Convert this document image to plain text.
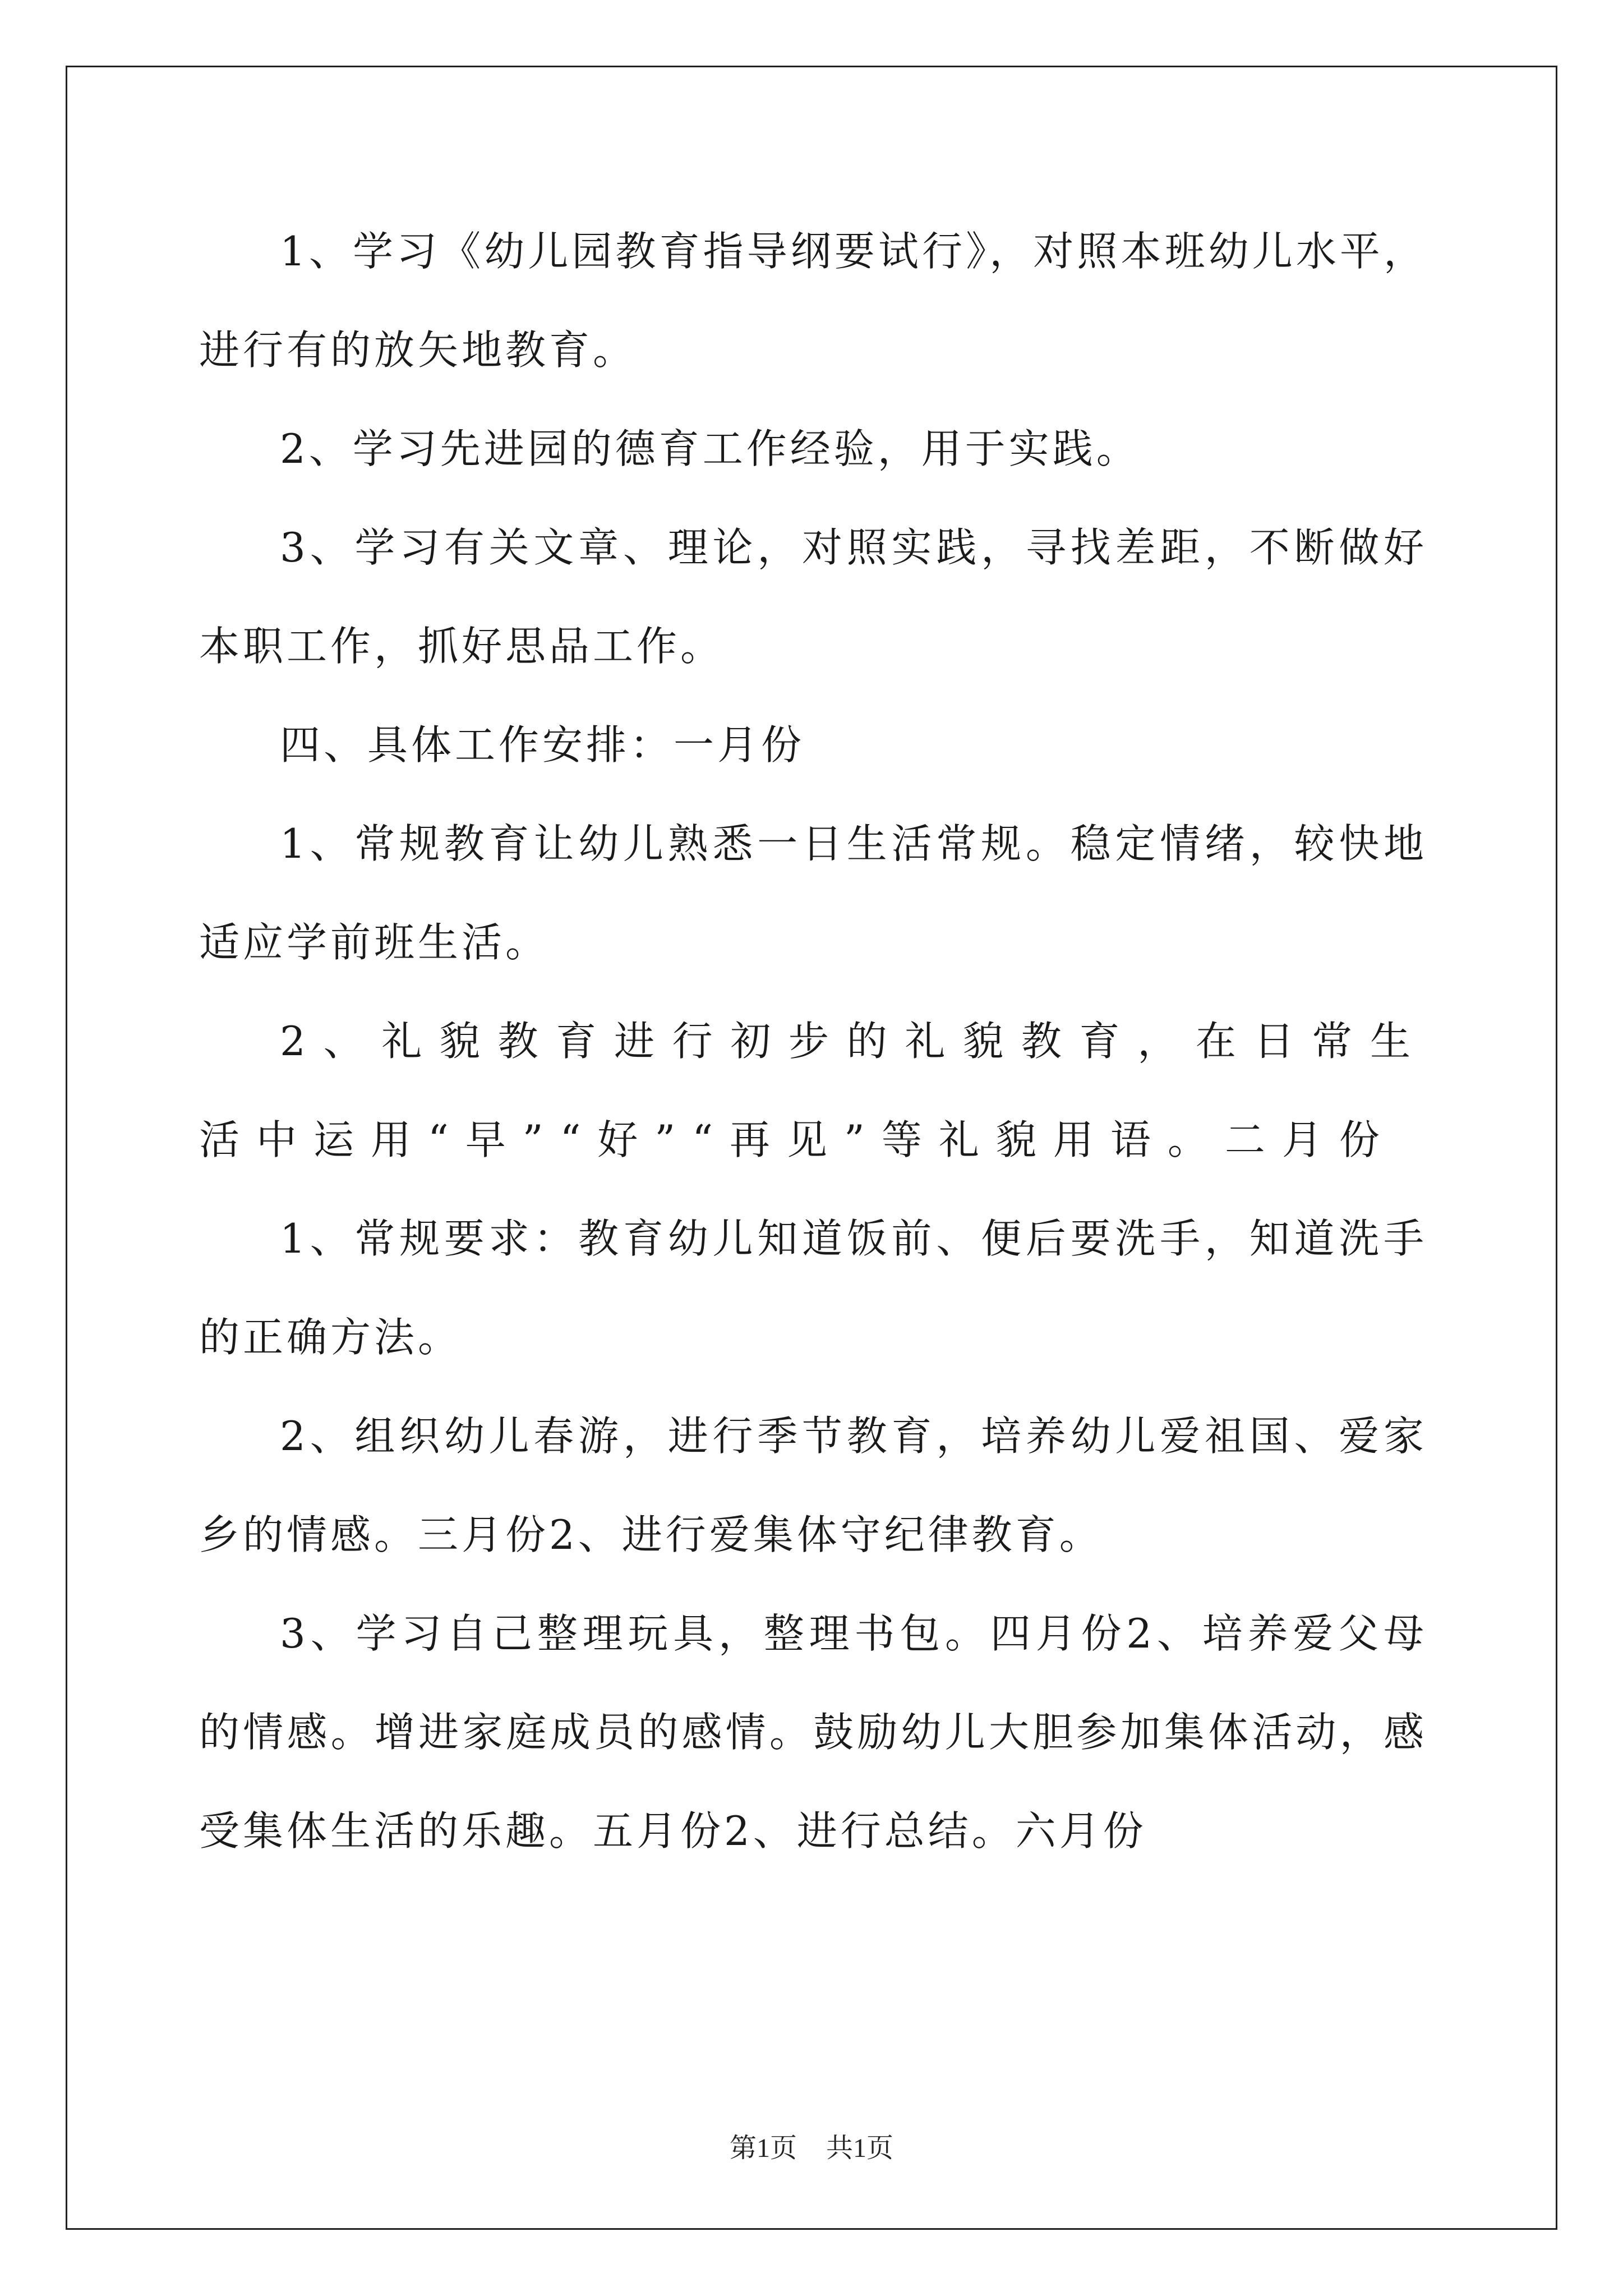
1、学习《幼儿园教育指导纲要试行》，对照本班幼儿水平，进行有的放矢地教育。

2、学习先进园的德育工作经验，用于实践。

3、学习有关文章、理论，对照实践，寻找差距，不断做好本职工作，抓好思品工作。

四、具体工作安排：一月份

1、常规教育让幼儿熟悉一日生活常规。稳定情绪，较快地适应学前班生活。

2、礼貌教育进行初步的礼貌教育，在日常生活中运用“早”“好”“再见”等礼貌用语。二月份

1、常规要求：教育幼儿知道饭前、便后要洗手，知道洗手的正确方法。

2、组织幼儿春游，进行季节教育，培养幼儿爱祖国、爱家乡的情感。三月份2、进行爱集体守纪律教育。

3、学习自己整理玩具，整理书包。四月份2、培养爱父母的情感。增进家庭成员的感情。鼓励幼儿大胆参加集体活动，感受集体生活的乐趣。五月份2、进行总结。六月份

第1页 共1页
